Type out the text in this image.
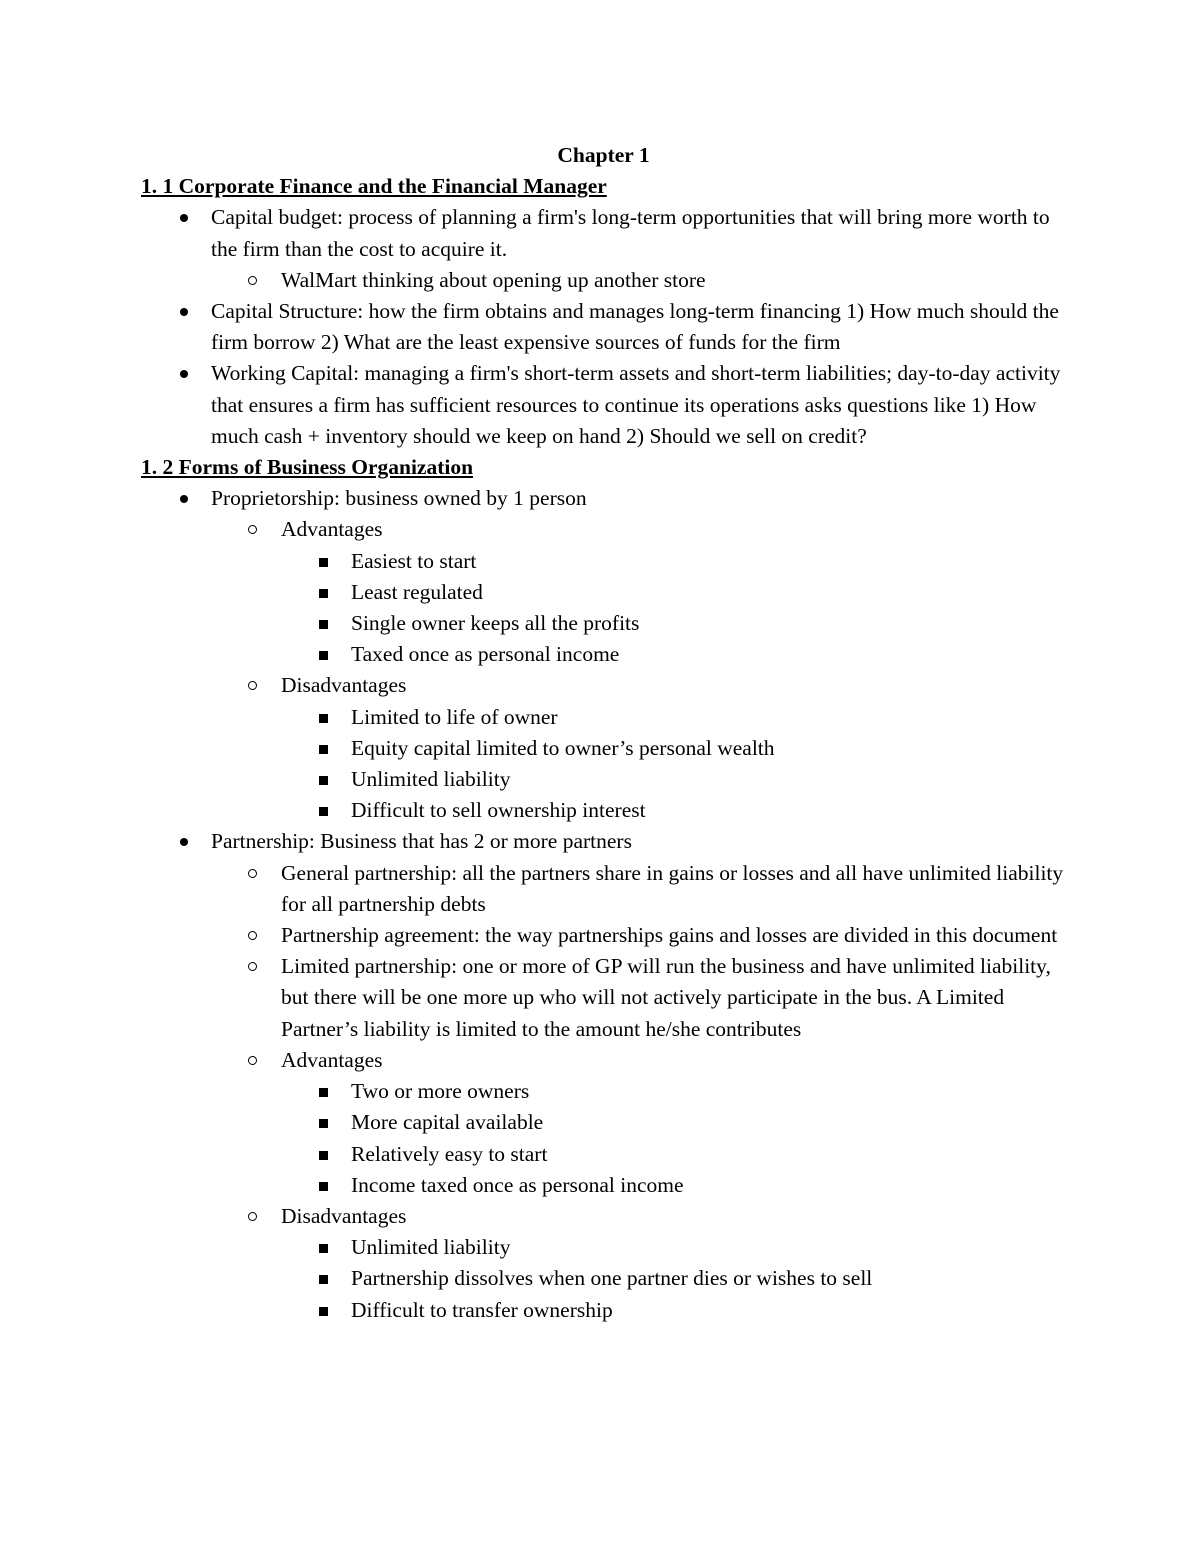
Chapter 1
1. 1 Corporate Finance and the Financial Manager
Capital budget: process of planning a firm's long-term opportunities that will bring more worth to the firm than the cost to acquire it.
WalMart thinking about opening up another store
Capital Structure: how the firm obtains and manages long-term financing 1) How much should the firm borrow 2) What are the least expensive sources of funds for the firm
Working Capital: managing a firm's short-term assets and short-term liabilities; day-to-day activity that ensures a firm has sufficient resources to continue its operations asks questions like 1) How much cash + inventory should we keep on hand 2) Should we sell on credit?
1. 2 Forms of Business Organization
Proprietorship: business owned by 1 person
Advantages
Easiest to start
Least regulated
Single owner keeps all the profits
Taxed once as personal income
Disadvantages
Limited to life of owner
Equity capital limited to owner’s personal wealth
Unlimited liability
Difficult to sell ownership interest
Partnership: Business that has 2 or more partners
General partnership: all the partners share in gains or losses and all have unlimited liability for all partnership debts
Partnership agreement: the way partnerships gains and losses are divided in this document
Limited partnership: one or more of GP will run the business and have unlimited liability, but there will be one more up who will not actively participate in the bus. A Limited Partner’s liability is limited to the amount he/she contributes
Advantages
Two or more owners
More capital available
Relatively easy to start
Income taxed once as personal income
Disadvantages
Unlimited liability
Partnership dissolves when one partner dies or wishes to sell
Difficult to transfer ownership
